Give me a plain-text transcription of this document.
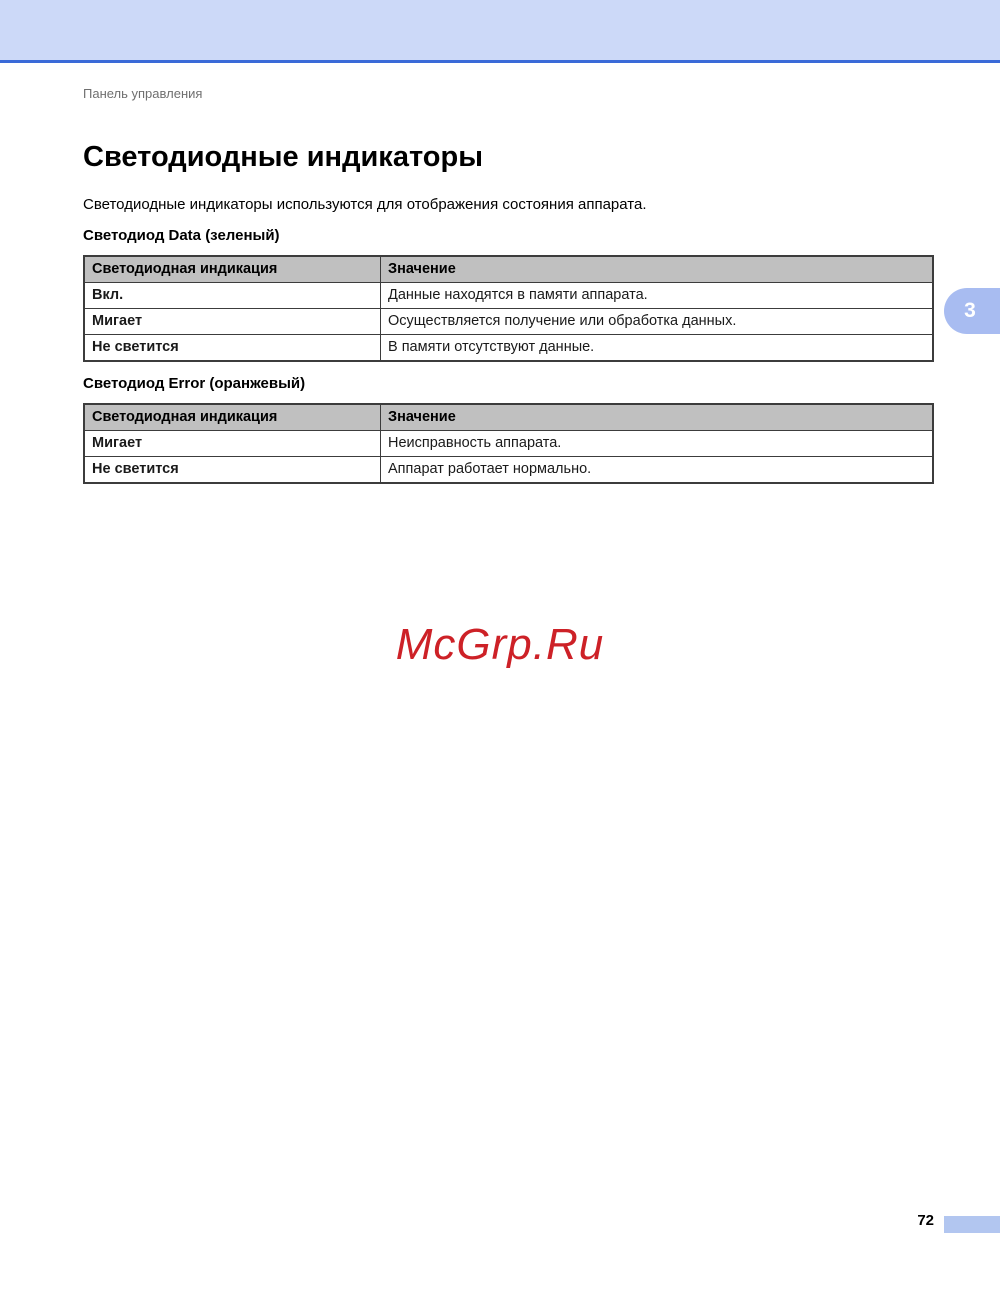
Панель управления

Светодиодные индикаторы

Светодиодные индикаторы используются для отображения состояния аппарата.

Светодиод Data (зеленый)
Светодиодная индикация	Значение
Вкл.	Данные находятся в памяти аппарата.
Мигает	Осуществляется получение или обработка данных.
Не светится	В памяти отсутствуют данные.
Светодиод Error (оранжевый)
Светодиодная индикация	Значение
Мигает	Неисправность аппарата.
Не светится	Аппарат работает нормально.
3
McGrp.Ru
72
